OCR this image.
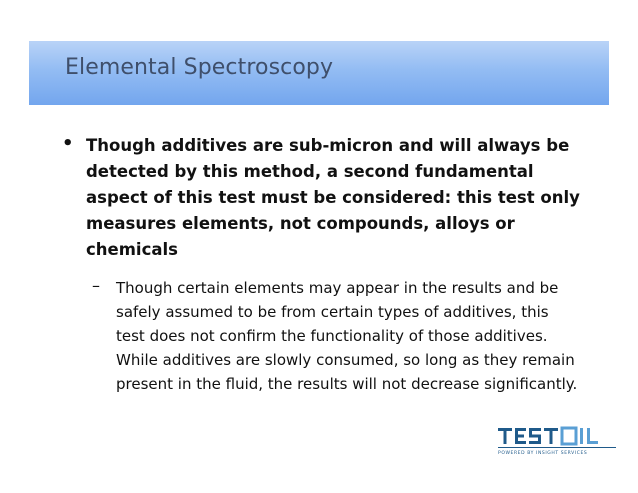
Elemental Spectroscopy
• Though additives are sub-micron and will always be detected by this method, a second fundamental aspect of this test must be considered: this test only measures elements, not compounds, alloys or chemicals
– Though certain elements may appear in the results and be safely assumed to be from certain types of additives, this test does not confirm the functionality of those additives. While additives are slowly consumed, so long as they remain present in the fluid, the results will not decrease significantly.
POWERED BY INSIGHT SERVICES
